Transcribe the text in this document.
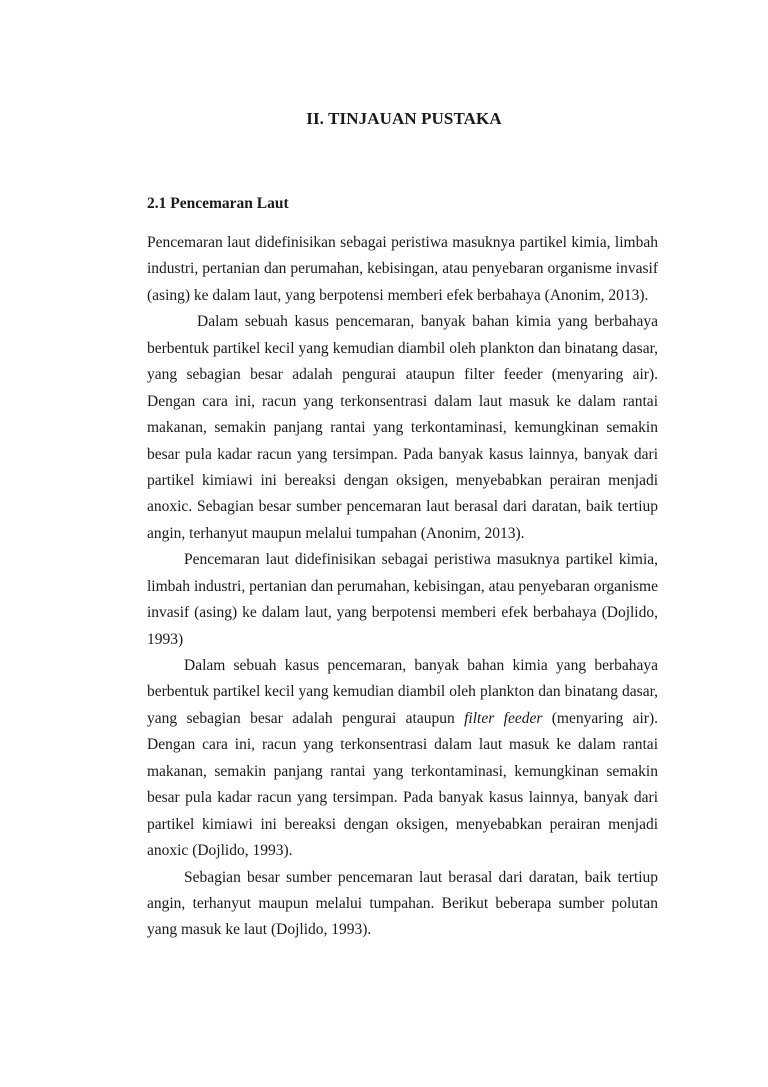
II. TINJAUAN PUSTAKA
2.1 Pencemaran Laut

Pencemaran laut didefinisikan sebagai peristiwa masuknya partikel kimia, limbah
industri, pertanian dan perumahan, kebisingan, atau penyebaran organisme invasif
(asing) ke dalam laut, yang berpotensi memberi efek berbahaya (Anonim, 2013).

Dalam sebuah kasus pencemaran, banyak bahan kimia yang berbahaya
berbentuk partikel kecil yang kemudian diambil oleh plankton dan binatang dasar,
yang sebagian besar adalah pengurai ataupun filter feeder (menyaring air).
Dengan cara ini, racun yang terkonsentrasi dalam laut masuk ke dalam rantai
makanan, semakin panjang rantai yang terkontaminasi, kemungkinan semakin
besar pula kadar racun yang tersimpan. Pada banyak kasus lainnya, banyak dari
partikel kimiawi ini bereaksi dengan oksigen, menyebabkan perairan menjadi
anoxic. Sebagian besar sumber pencemaran laut berasal dari daratan, baik tertiup
angin, terhanyut maupun melalui tumpahan (Anonim, 2013).

Pencemaran laut didefinisikan sebagai peristiwa masuknya partikel kimia,
limbah industri, pertanian dan perumahan, kebisingan, atau penyebaran organisme
invasif (asing) ke dalam laut, yang berpotensi memberi efek berbahaya (Dojlido,
1993)

Dalam sebuah kasus pencemaran, banyak bahan kimia yang berbahaya
berbentuk partikel kecil yang kemudian diambil oleh plankton dan binatang dasar,
yang sebagian besar adalah pengurai ataupun filter feeder (menyaring air).
Dengan cara ini, racun yang terkonsentrasi dalam laut masuk ke dalam rantai
makanan, semakin panjang rantai yang terkontaminasi, kemungkinan semakin
besar pula kadar racun yang tersimpan. Pada banyak kasus lainnya, banyak dari
partikel kimiawi ini bereaksi dengan oksigen, menyebabkan perairan menjadi
anoxic (Dojlido, 1993).

Sebagian besar sumber pencemaran laut berasal dari daratan, baik tertiup
angin, terhanyut maupun melalui tumpahan. Berikut beberapa sumber polutan
yang masuk ke laut (Dojlido, 1993).
